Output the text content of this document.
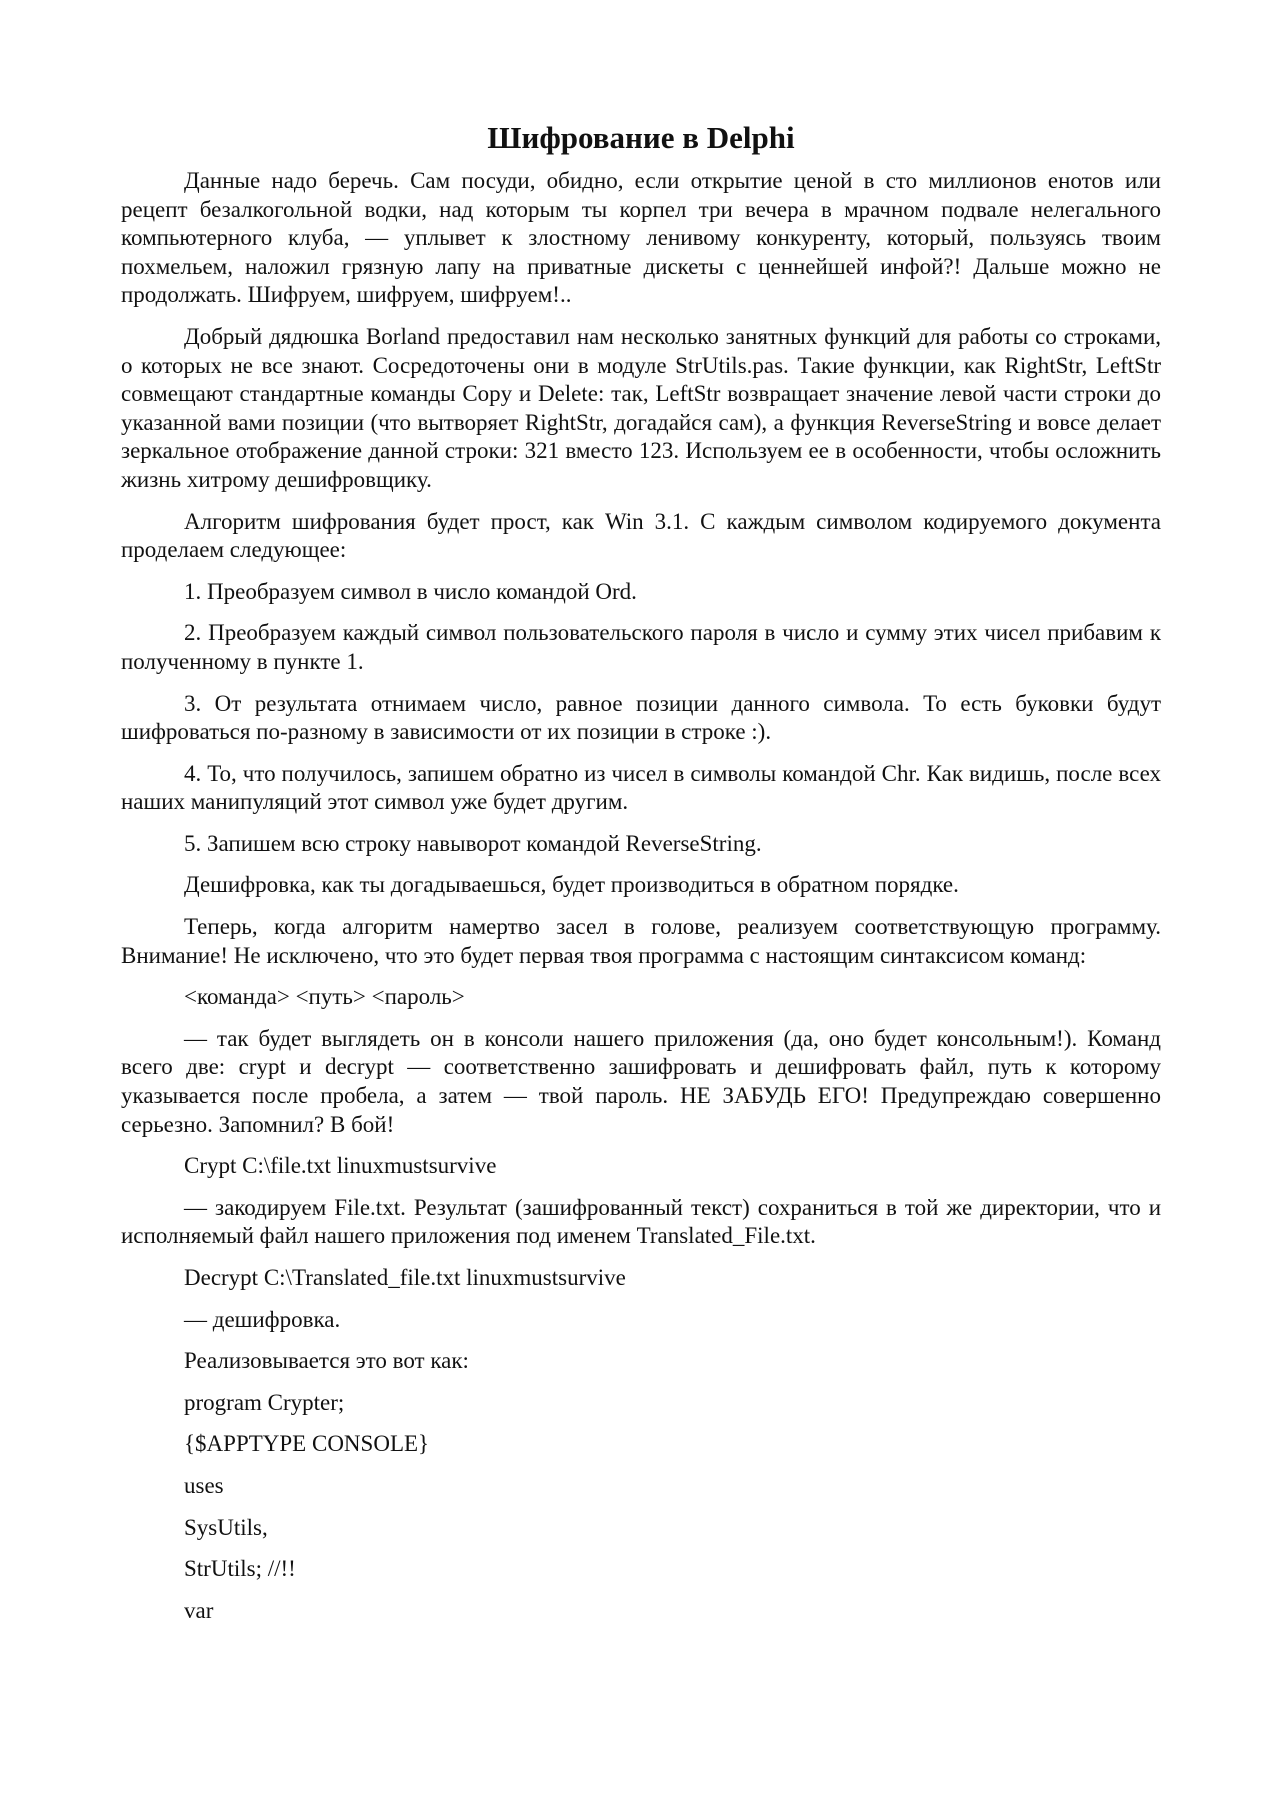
Шифрование в Delphi

Данные надо беречь. Сам посуди, обидно, если открытие ценой в сто миллионов енотов или рецепт безалкогольной водки, над которым ты корпел три вечера в мрачном подвале нелегального компьютерного клуба, — уплывет к злостному ленивому конкуренту, который, пользуясь твоим похмельем, наложил грязную лапу на приватные дискеты с ценнейшей инфой?! Дальше можно не продолжать. Шифруем, шифруем, шифруем!..

Добрый дядюшка Borland предоставил нам несколько занятных функций для работы со строками, о которых не все знают. Сосредоточены они в модуле StrUtils.pas. Такие функции, как RightStr, LeftStr совмещают стандартные команды Copy и Delete: так, LeftStr возвращает значение левой части строки до указанной вами позиции (что вытворяет RightStr, догадайся сам), а функция ReverseString и вовсе делает зеркальное отображение данной строки: 321 вместо 123. Используем ее в особенности, чтобы осложнить жизнь хитрому дешифровщику.

Алгоритм шифрования будет прост, как Win 3.1. С каждым символом кодируемого документа проделаем следующее:

1. Преобразуем символ в число командой Ord.

2. Преобразуем каждый символ пользовательского пароля в число и сумму этих чисел прибавим к полученному в пункте 1.

3. От результата отнимаем число, равное позиции данного символа. То есть буковки будут шифроваться по-разному в зависимости от их позиции в строке :).

4. То, что получилось, запишем обратно из чисел в символы командой Chr. Как видишь, после всех наших манипуляций этот символ уже будет другим.

5. Запишем всю строку навыворот командой ReverseString.

Дешифровка, как ты догадываешься, будет производиться в обратном порядке.

Теперь, когда алгоритм намертво засел в голове, реализуем соответствующую программу. Внимание! Не исключено, что это будет первая твоя программа с настоящим синтаксисом команд:

<команда> <путь> <пароль>

— так будет выглядеть он в консоли нашего приложения (да, оно будет консольным!). Команд всего две: crypt и decrypt — соответственно зашифровать и дешифровать файл, путь к которому указывается после пробела, а затем — твой пароль. НЕ ЗАБУДЬ ЕГО! Предупреждаю совершенно серьезно. Запомнил? В бой!

Crypt C:\file.txt linuxmustsurvive

— закодируем File.txt. Результат (зашифрованный текст) сохраниться в той же директории, что и исполняемый файл нашего приложения под именем Translated_File.txt.

Decrypt C:\Translated_file.txt linuxmustsurvive

— дешифровка.

Реализовывается это вот как:

program Crypter;

{$APPTYPE CONSOLE}

uses

SysUtils,

StrUtils; //!!

var
